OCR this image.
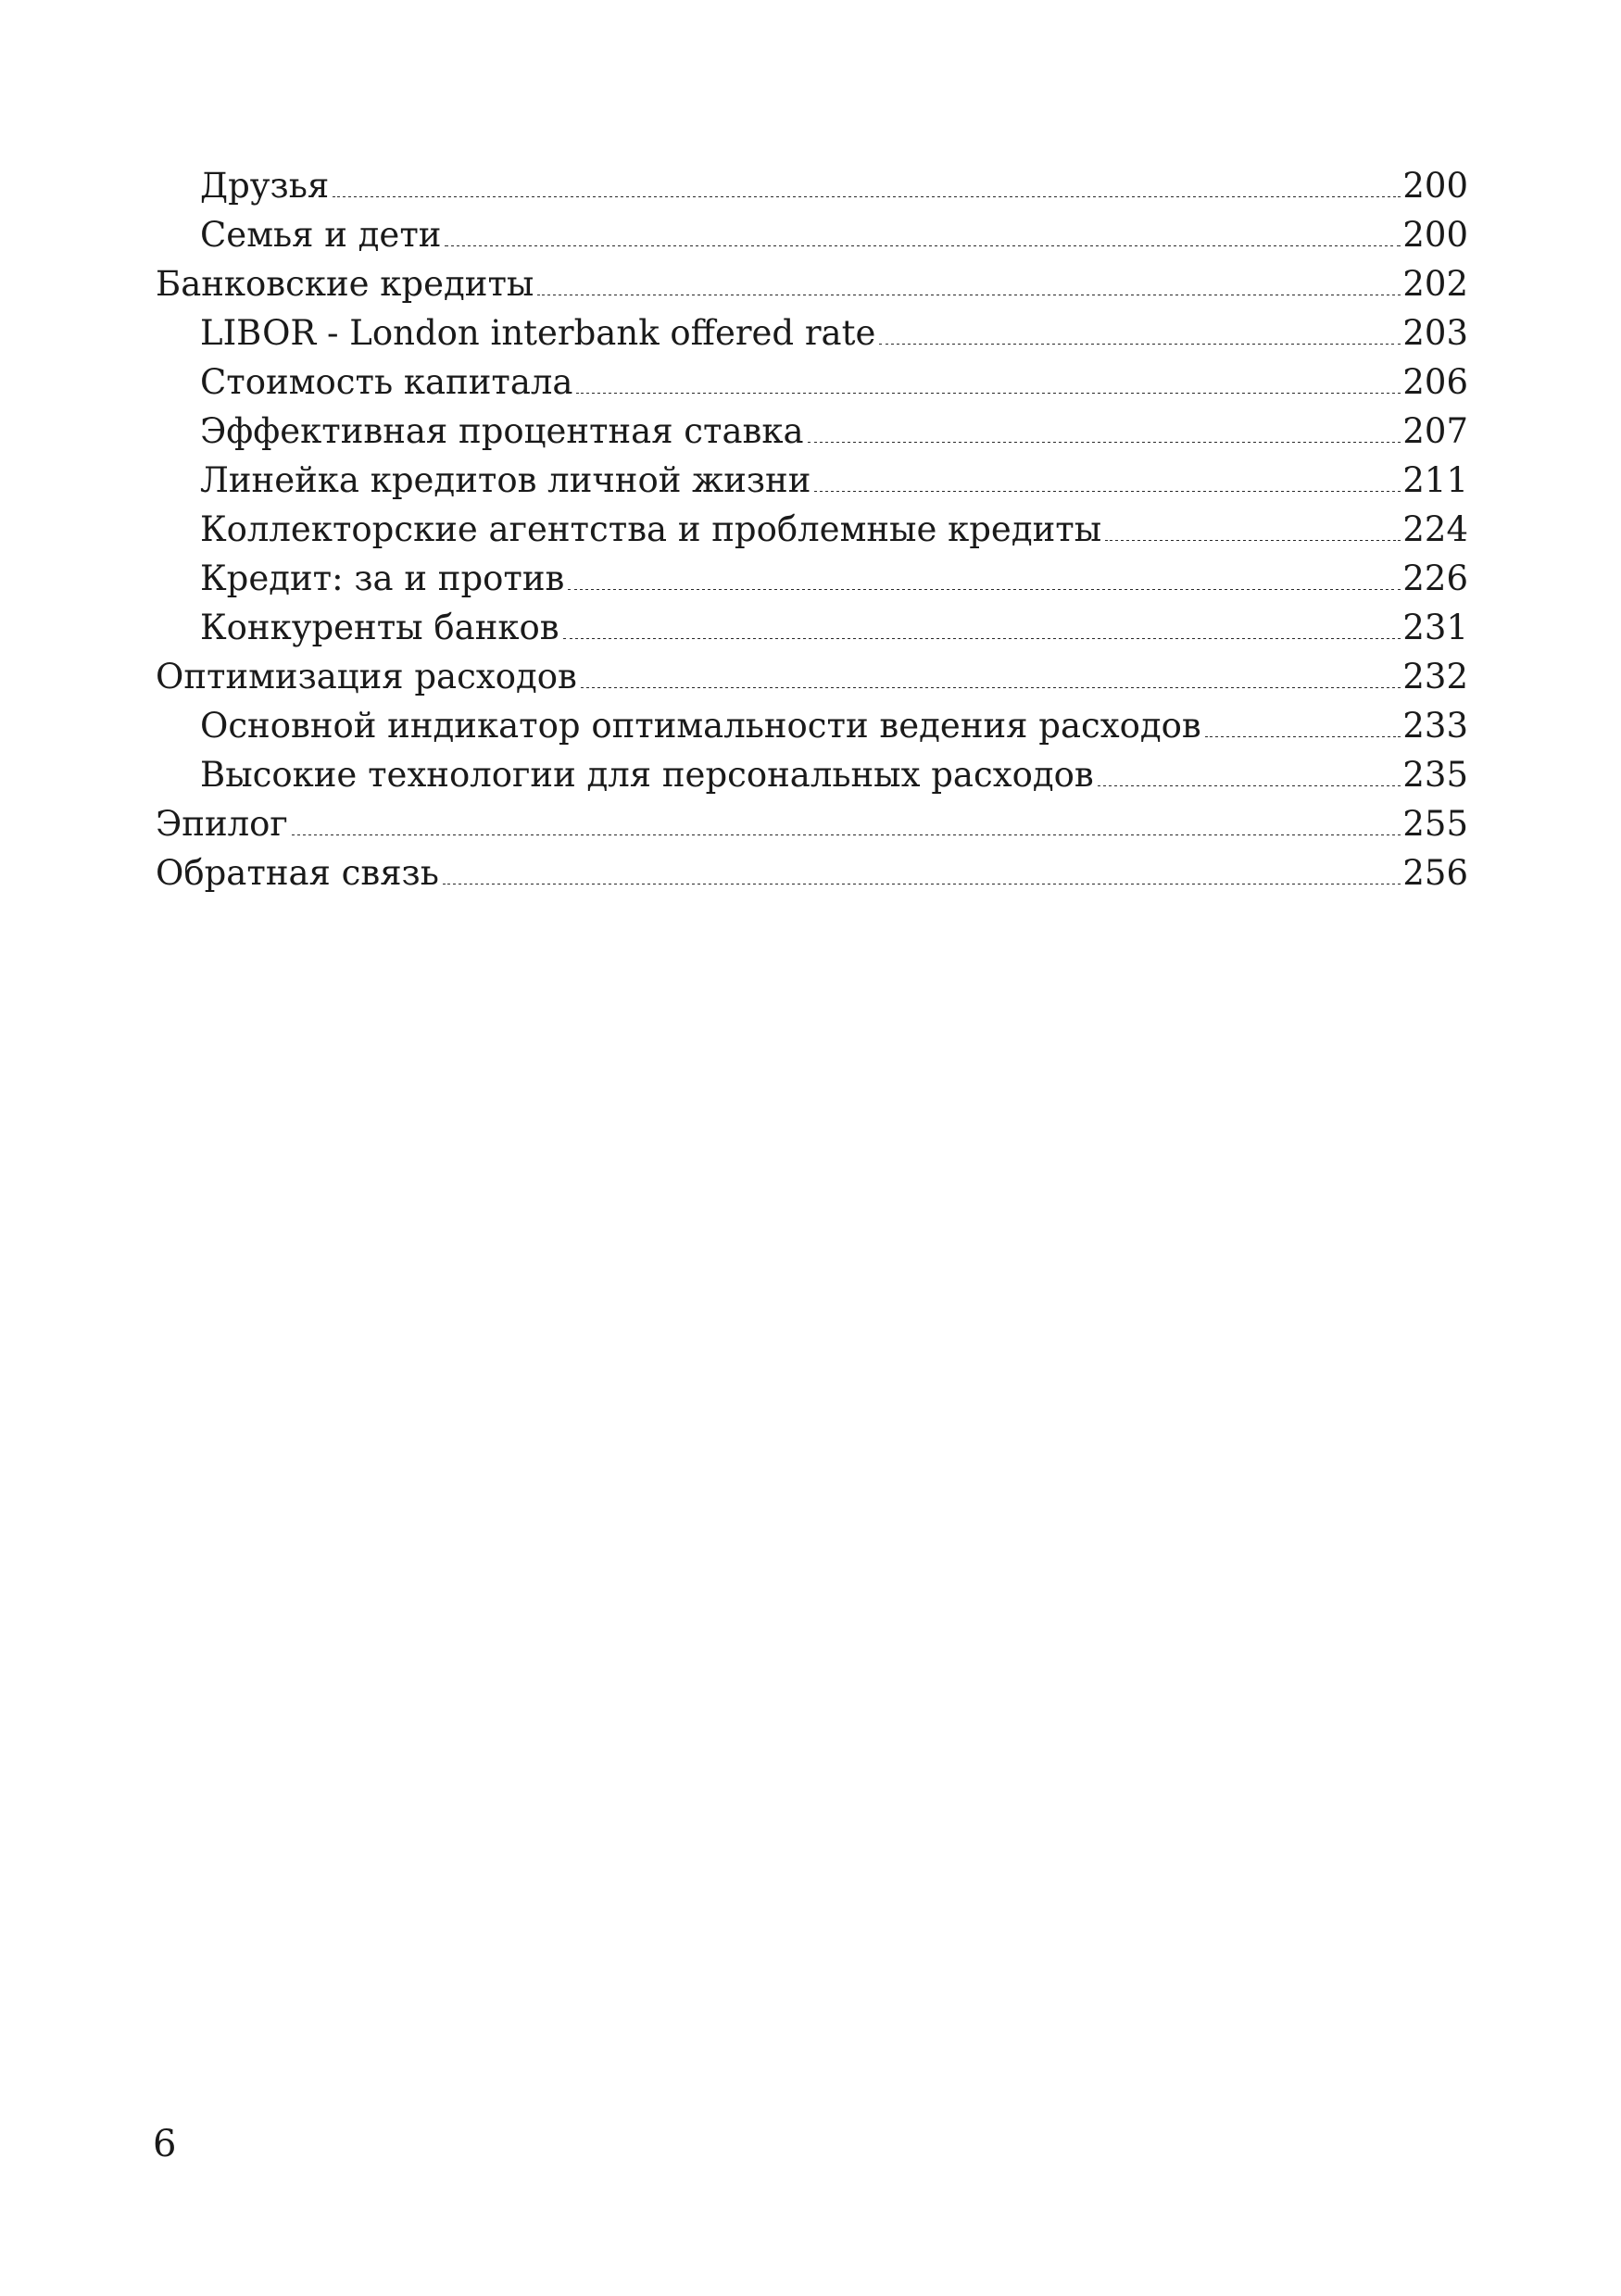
Друзья	200
Семья и дети	200
Банковские кредиты	202
LIBOR - London interbank offered rate	203
Стоимость капитала	206
Эффективная процентная ставка	207
Линейка кредитов личной жизни	211
Коллекторские агентства и проблемные кредиты	224
Кредит: за и против	226
Конкуренты банков	231
Оптимизация расходов	232
Основной индикатор оптимальности ведения расходов	233
Высокие технологии для персональных расходов	235
Эпилог	255
Обратная связь	256
6
